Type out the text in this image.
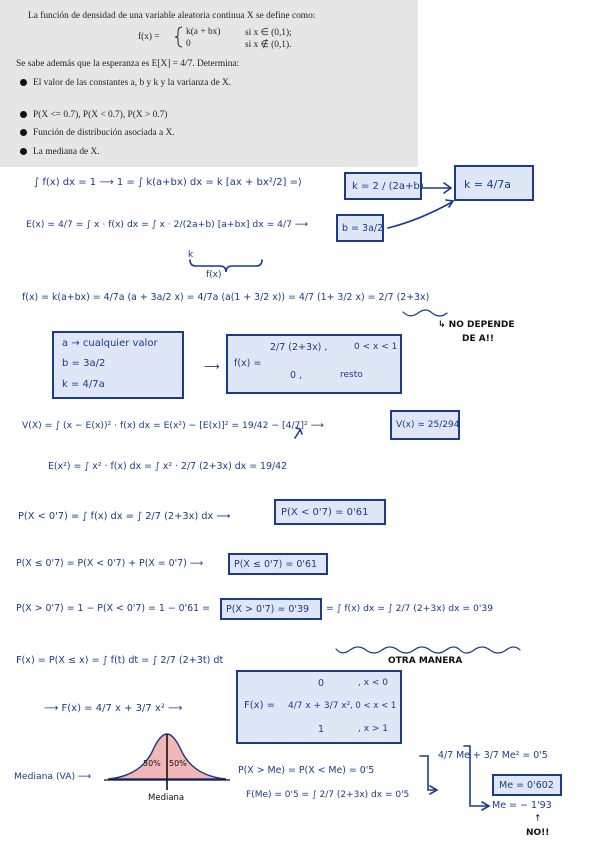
La función de densidad de una variable aleatoria continua X se define como:
f(x) =	k(a + bx)	si x ∈ (0,1);
0	si x ∉ (0,1).
Se sabe además que la esperanza es E[X] = 4/7. Determina:
El valor de las constantes a, b y k y la varianza de X.
P(X <= 0.7), P(X < 0.7), P(X > 0.7)
Función de distribución asociada a X.
La mediana de X.
∫ f(x) dx = 1 ⟶ 1 = ∫ k(a+bx) dx = k [ax + bx²/2] =⟩	k = 2 / (2a+b)	k = 4/7a
E(x) = 4/7 = ∫ x · f(x) dx = ∫ x · 2/(2a+b) [a+bx] dx = 4/7 ⟶	b = 3a/2
k
f(x)
f(x) = k(a+bx) = 4/7a (a + 3a/2 x) = 4/7a (a(1 + 3/2 x)) = 4/7 (1+ 3/2 x) = 2/7 (2+3x)
↳ NO DEPENDE
DE A!!
a → cualquier valor
b = 3a/2
k = 4/7a
⟶ f(x) =
2/7 (2+3x) ,	0 < x < 1
0 ,	resto
V(X) = ∫ (x − E(x))² · f(x) dx = E(x²) − [E(x)]² = 19/42 − [4/7]² ⟶	V(x) = 25/294
E(x²) = ∫ x² · f(x) dx = ∫ x² · 2/7 (2+3x) dx = 19/42
P(X < 0'7) = ∫ f(x) dx = ∫ 2/7 (2+3x) dx ⟶	P(X < 0'7) = 0'61
P(X ≤ 0'7) = P(X < 0'7) + P(X = 0'7) ⟶	P(X ≤ 0'7) = 0'61
P(X > 0'7) = 1 − P(X < 0'7) = 1 − 0'61 = P(X > 0'7) = 0'39 = ∫ f(x) dx = ∫ 2/7 (2+3x) dx = 0'39
OTRA MANERA
F(x) = P(X ≤ x) = ∫ f(t) dt = ∫ 2/7 (2+3t) dt
⟶ F(x) = 4/7 x + 3/7 x² ⟶	F(x) =
0	, x < 0
4/7 x + 3/7 x² , 0 < x < 1
1	, x > 1
Mediana (VA) ⟶
50% 50%
Mediana
P(X > Me) = P(X < Me) = 0'5
F(Me) = 0'5 = ∫ 2/7 (2+3x) dx = 0'5
4/7 Me + 3/7 Me² = 0'5
Me = 0'602
Me = − 1'93
↑
NO!!
